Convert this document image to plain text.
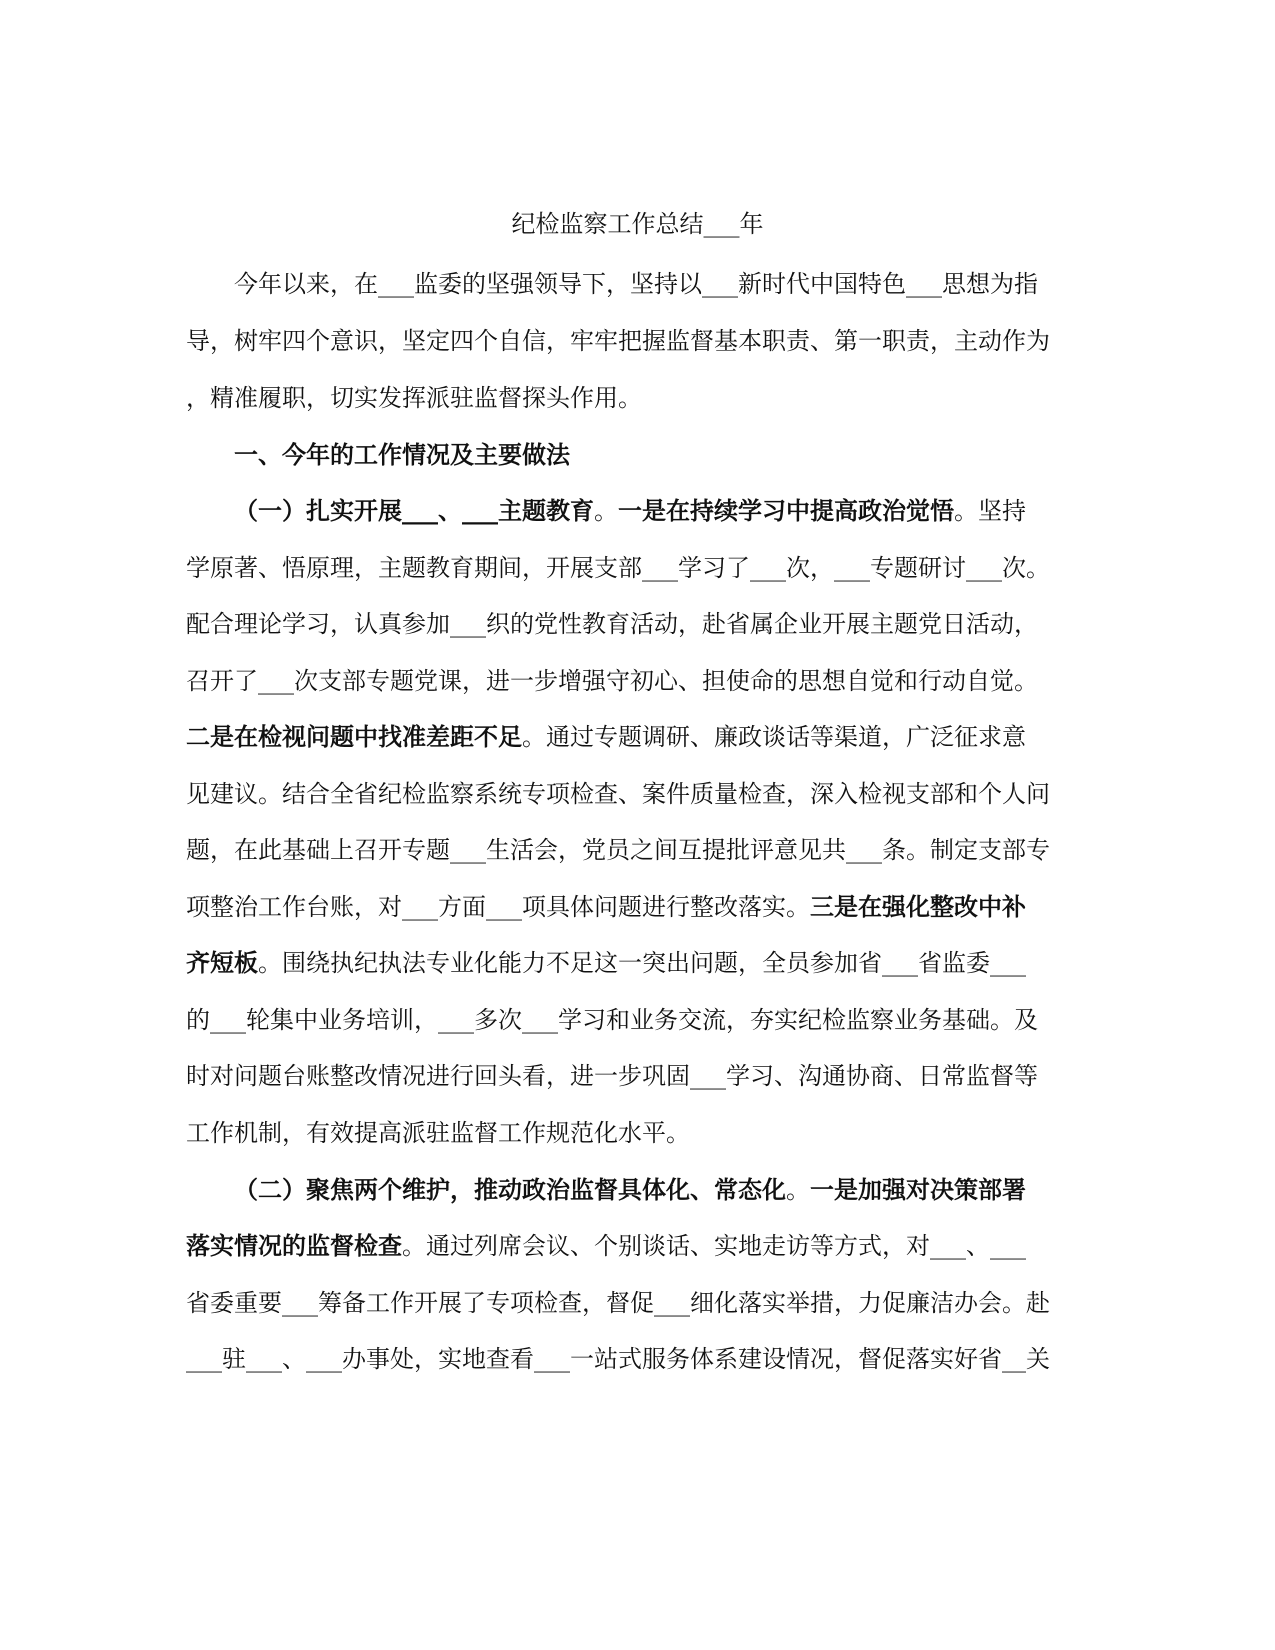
纪检监察工作总结___年

今年以来，在___监委的坚强领导下，坚持以___新时代中国特色___思想为指

导，树牢四个意识，坚定四个自信，牢牢把握监督基本职责、第一职责，主动作为

，精准履职，切实发挥派驻监督探头作用。

一、今年的工作情况及主要做法

（一）扎实开展___、___主题教育。一是在持续学习中提高政治觉悟。坚持

学原著、悟原理，主题教育期间，开展支部___学习了___次，___专题研讨___次。

配合理论学习，认真参加___织的党性教育活动，赴省属企业开展主题党日活动，

召开了___次支部专题党课，进一步增强守初心、担使命的思想自觉和行动自觉。

二是在检视问题中找准差距不足。通过专题调研、廉政谈话等渠道，广泛征求意

见建议。结合全省纪检监察系统专项检查、案件质量检查，深入检视支部和个人问

题，在此基础上召开专题___生活会，党员之间互提批评意见共___条。制定支部专

项整治工作台账，对___方面___项具体问题进行整改落实。三是在强化整改中补

齐短板。围绕执纪执法专业化能力不足这一突出问题，全员参加省___省监委___

的___轮集中业务培训，___多次___学习和业务交流，夯实纪检监察业务基础。及

时对问题台账整改情况进行回头看，进一步巩固___学习、沟通协商、日常监督等

工作机制，有效提高派驻监督工作规范化水平。

（二）聚焦两个维护，推动政治监督具体化、常态化。一是加强对决策部署

落实情况的监督检查。通过列席会议、个别谈话、实地走访等方式，对___、___

省委重要___筹备工作开展了专项检查，督促___细化落实举措，力促廉洁办会。赴

___驻___、___办事处，实地查看___一站式服务体系建设情况，督促落实好省__关
